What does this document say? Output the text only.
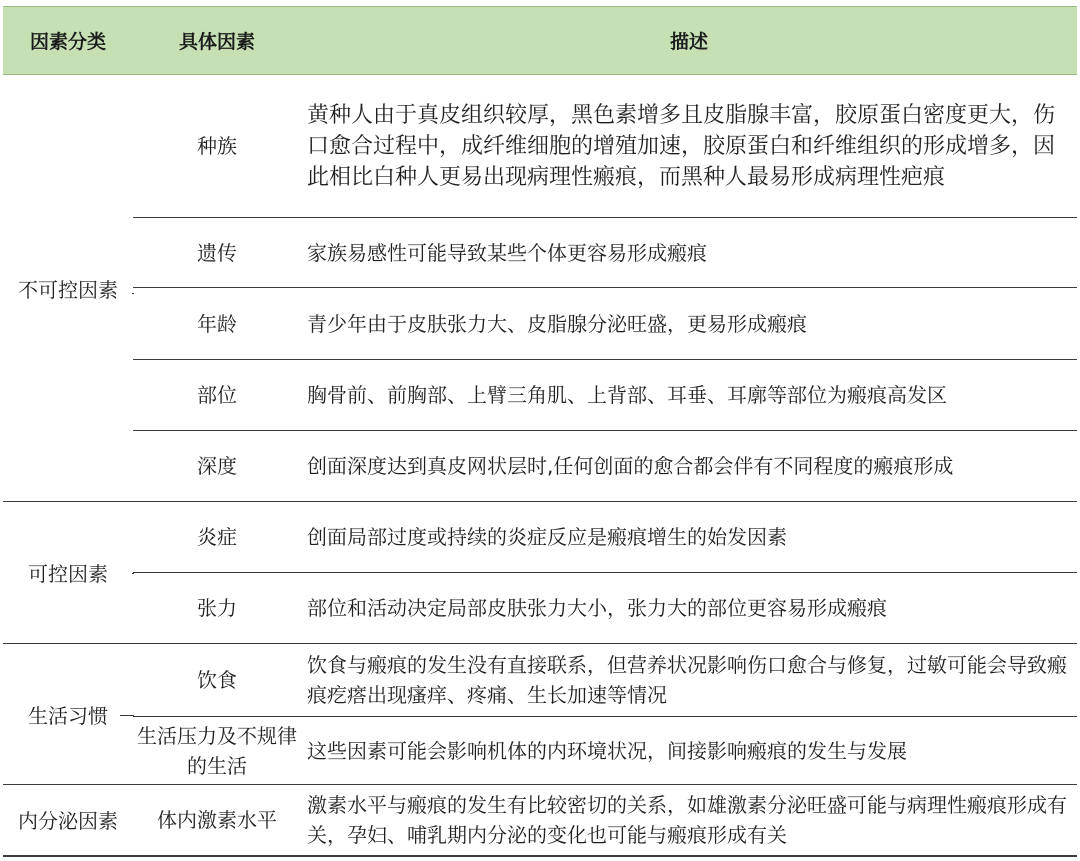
因素分类	具体因素	描述

不可控因素	种族	黄种人由于真皮组织较厚，黑色素增多且皮脂腺丰富，胶原蛋白密度更大，伤口愈合过程中，成纤维细胞的增殖加速，胶原蛋白和纤维组织的形成增多，因此相比白种人更易出现病理性瘢痕，而黑种人最易形成病理性疤痕
	遗传	家族易感性可能导致某些个体更容易形成瘢痕
	年龄	青少年由于皮肤张力大、皮脂腺分泌旺盛，更易形成瘢痕
	部位	胸骨前、前胸部、上臂三角肌、上背部、耳垂、耳廓等部位为瘢痕高发区
	深度	创面深度达到真皮网状层时,任何创面的愈合都会伴有不同程度的瘢痕形成

可控因素	炎症	创面局部过度或持续的炎症反应是瘢痕增生的始发因素
	张力	部位和活动决定局部皮肤张力大小，张力大的部位更容易形成瘢痕

生活习惯	饮食	饮食与瘢痕的发生没有直接联系，但营养状况影响伤口愈合与修复，过敏可能会导致瘢痕疙瘩出现瘙痒、疼痛、生长加速等情况
	生活压力及不规律的生活	这些因素可能会影响机体的内环境状况，间接影响瘢痕的发生与发展

内分泌因素	体内激素水平	激素水平与瘢痕的发生有比较密切的关系，如雄激素分泌旺盛可能与病理性瘢痕形成有关，孕妇、哺乳期内分泌的变化也可能与瘢痕形成有关
